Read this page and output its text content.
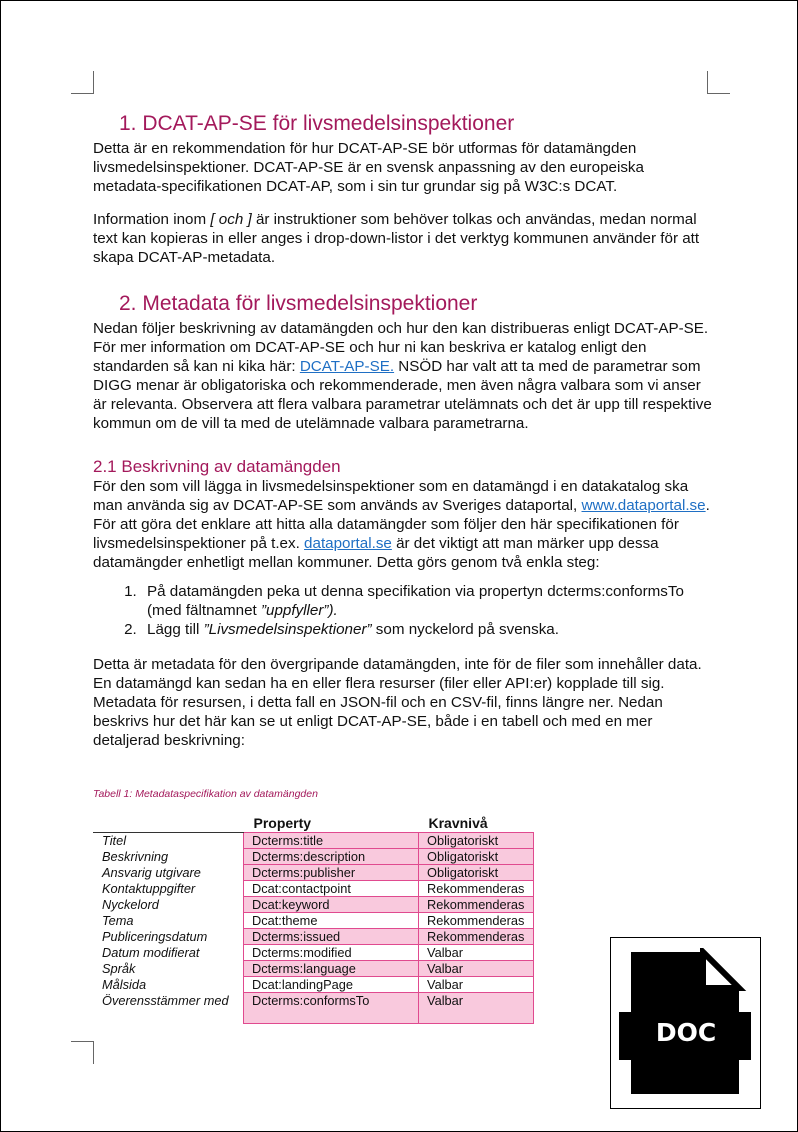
1. DCAT-AP-SE för livsmedelsinspektioner

Detta är en rekommendation för hur DCAT-AP-SE bör utformas för datamängden livsmedelsinspektioner. DCAT-AP-SE är en svensk anpassning av den europeiska metadata-specifikationen DCAT-AP, som i sin tur grundar sig på W3C:s DCAT.

Information inom [ och ] är instruktioner som behöver tolkas och användas, medan normal text kan kopieras in eller anges i drop-down-listor i det verktyg kommunen använder för att skapa DCAT-AP-metadata.

2. Metadata för livsmedelsinspektioner

Nedan följer beskrivning av datamängden och hur den kan distribueras enligt DCAT-AP-SE. För mer information om DCAT-AP-SE och hur ni kan beskriva er katalog enligt den standarden så kan ni kika här: DCAT-AP-SE. NSÖD har valt att ta med de parametrar som DIGG menar är obligatoriska och rekommenderade, men även några valbara som vi anser är relevanta. Observera att flera valbara parametrar utelämnats och det är upp till respektive kommun om de vill ta med de utelämnade valbara parametrarna.

2.1 Beskrivning av datamängden

För den som vill lägga in livsmedelsinspektioner som en datamängd i en datakatalog ska man använda sig av DCAT-AP-SE som används av Sveriges dataportal, www.dataportal.se. För att göra det enklare att hitta alla datamängder som följer den här specifikationen för livsmedelsinspektioner på t.ex. dataportal.se är det viktigt att man märker upp dessa datamängder enhetligt mellan kommuner. Detta görs genom två enkla steg:

1. På datamängden peka ut denna specifikation via propertyn dcterms:conformsTo (med fältnamnet ”uppfyller”).
2. Lägg till ”Livsmedelsinspektioner” som nyckelord på svenska.

Detta är metadata för den övergripande datamängden, inte för de filer som innehåller data. En datamängd kan sedan ha en eller flera resurser (filer eller API:er) kopplade till sig. Metadata för resursen, i detta fall en JSON-fil och en CSV-fil, finns längre ner. Nedan beskrivs hur det här kan se ut enligt DCAT-AP-SE, både i en tabell och med en mer detaljerad beskrivning:

Tabell 1: Metadataspecifikation av datamängden
	Property	Kravnivå
Titel	Dcterms:title	Obligatoriskt
Beskrivning	Dcterms:description	Obligatoriskt
Ansvarig utgivare	Dcterms:publisher	Obligatoriskt
Kontaktuppgifter	Dcat:contactpoint	Rekommenderas
Nyckelord	Dcat:keyword	Rekommenderas
Tema	Dcat:theme	Rekommenderas
Publiceringsdatum	Dcterms:issued	Rekommenderas
Datum modifierat	Dcterms:modified	Valbar
Språk	Dcterms:language	Valbar
Målsida	Dcat:landingPage	Valbar
Överensstämmer med	Dcterms:conformsTo	Valbar
DOC
